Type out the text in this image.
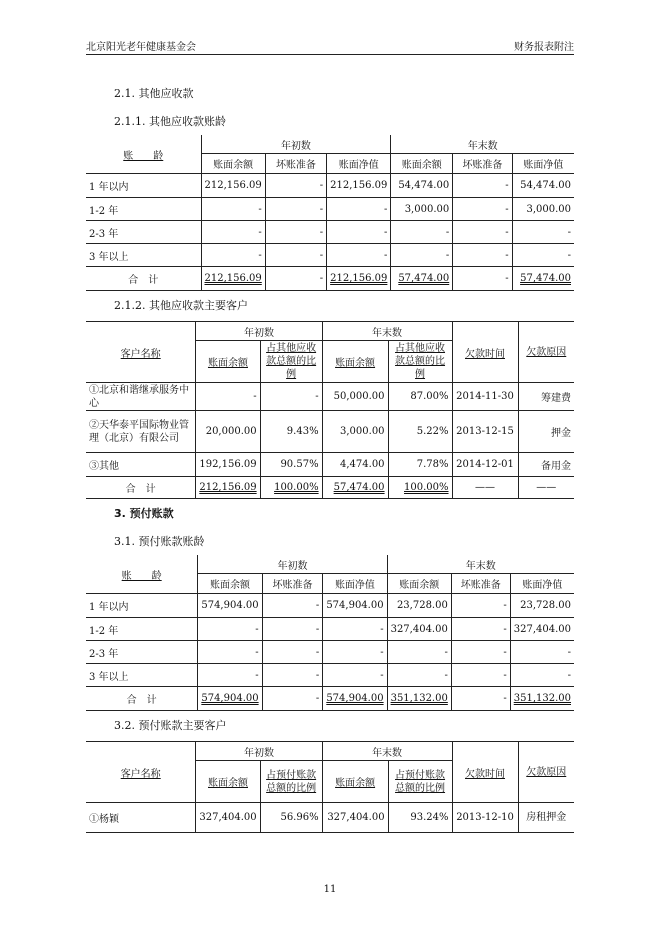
北京阳光老年健康基金会	财务报表附注
2.1. 其他应收款
2.1.1. 其他应收款账龄
账　　龄	年初数			年末数		
	账面余额	坏账准备	账面净值	账面余额	坏账准备	账面净值
1 年以内	212,156.09	-	212,156.09	54,474.00	-	54,474.00
1-2 年	-	-	-	3,000.00	-	3,000.00
2-3 年	-	-	-	-	-	-
3 年以上	-	-	-	-	-	-
合　计	212,156.09	-	212,156.09	57,474.00	-	57,474.00
2.1.2. 其他应收款主要客户
客户名称	年初数		年末数		欠款时间	欠款原因
	账面余额	占其他应收款总额的比例	账面余额	占其他应收款总额的比例		
①北京和谐继承服务中心	-	-	50,000.00	87.00%	2014-11-30	筹建费
②天华泰平国际物业管理（北京）有限公司	20,000.00	9.43%	3,000.00	5.22%	2013-12-15	押金
③其他	192,156.09	90.57%	4,474.00	7.78%	2014-12-01	备用金
合　计	212,156.09	100.00%	57,474.00	100.00%	——	——
3. 预付账款
3.1. 预付账款账龄
账　　龄	年初数			年末数		
	账面余额	坏账准备	账面净值	账面余额	坏账准备	账面净值
1 年以内	574,904.00	-	574,904.00	23,728.00	-	23,728.00
1-2 年	-	-	-	327,404.00	-	327,404.00
2-3 年	-	-	-	-	-	-
3 年以上	-	-	-	-	-	-
合　计	574,904.00	-	574,904.00	351,132.00	-	351,132.00
3.2. 预付账款主要客户
客户名称	年初数		年末数		欠款时间	欠款原因
	账面余额	占预付账款总额的比例	账面余额	占预付账款总额的比例		
①杨颖	327,404.00	56.96%	327,404.00	93.24%	2013-12-10	房租押金
11
